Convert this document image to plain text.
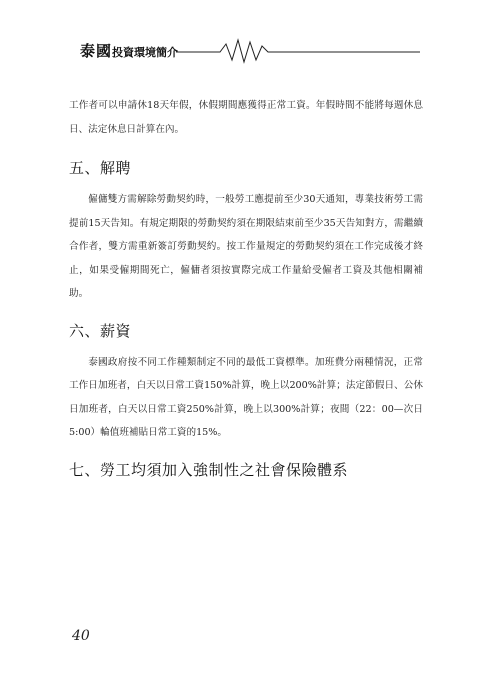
泰國投資環境簡介

工作者可以申請休18天年假，休假期間應獲得正常工資。年假時間不能將每週休息日、法定休息日計算在內。

五、解聘

僱傭雙方需解除勞動契約時，一般勞工應提前至少30天通知，專業技術勞工需提前15天告知。有規定期限的勞動契約須在期限結束前至少35天告知對方，需繼續合作者，雙方需重新簽訂勞動契約。按工作量規定的勞動契約須在工作完成後才終止，如果受僱期間死亡，僱傭者須按實際完成工作量給受僱者工資及其他相關補助。

六、薪資

泰國政府按不同工作種類制定不同的最低工資標準。加班費分兩種情況，正常工作日加班者，白天以日常工資150%計算，晚上以200%計算；法定節假日、公休日加班者，白天以日常工資250%計算，晚上以300%計算；夜間（22：00—次日5:00）輪值班補貼日常工資的15%。

七、勞工均須加入強制性之社會保險體系
40
